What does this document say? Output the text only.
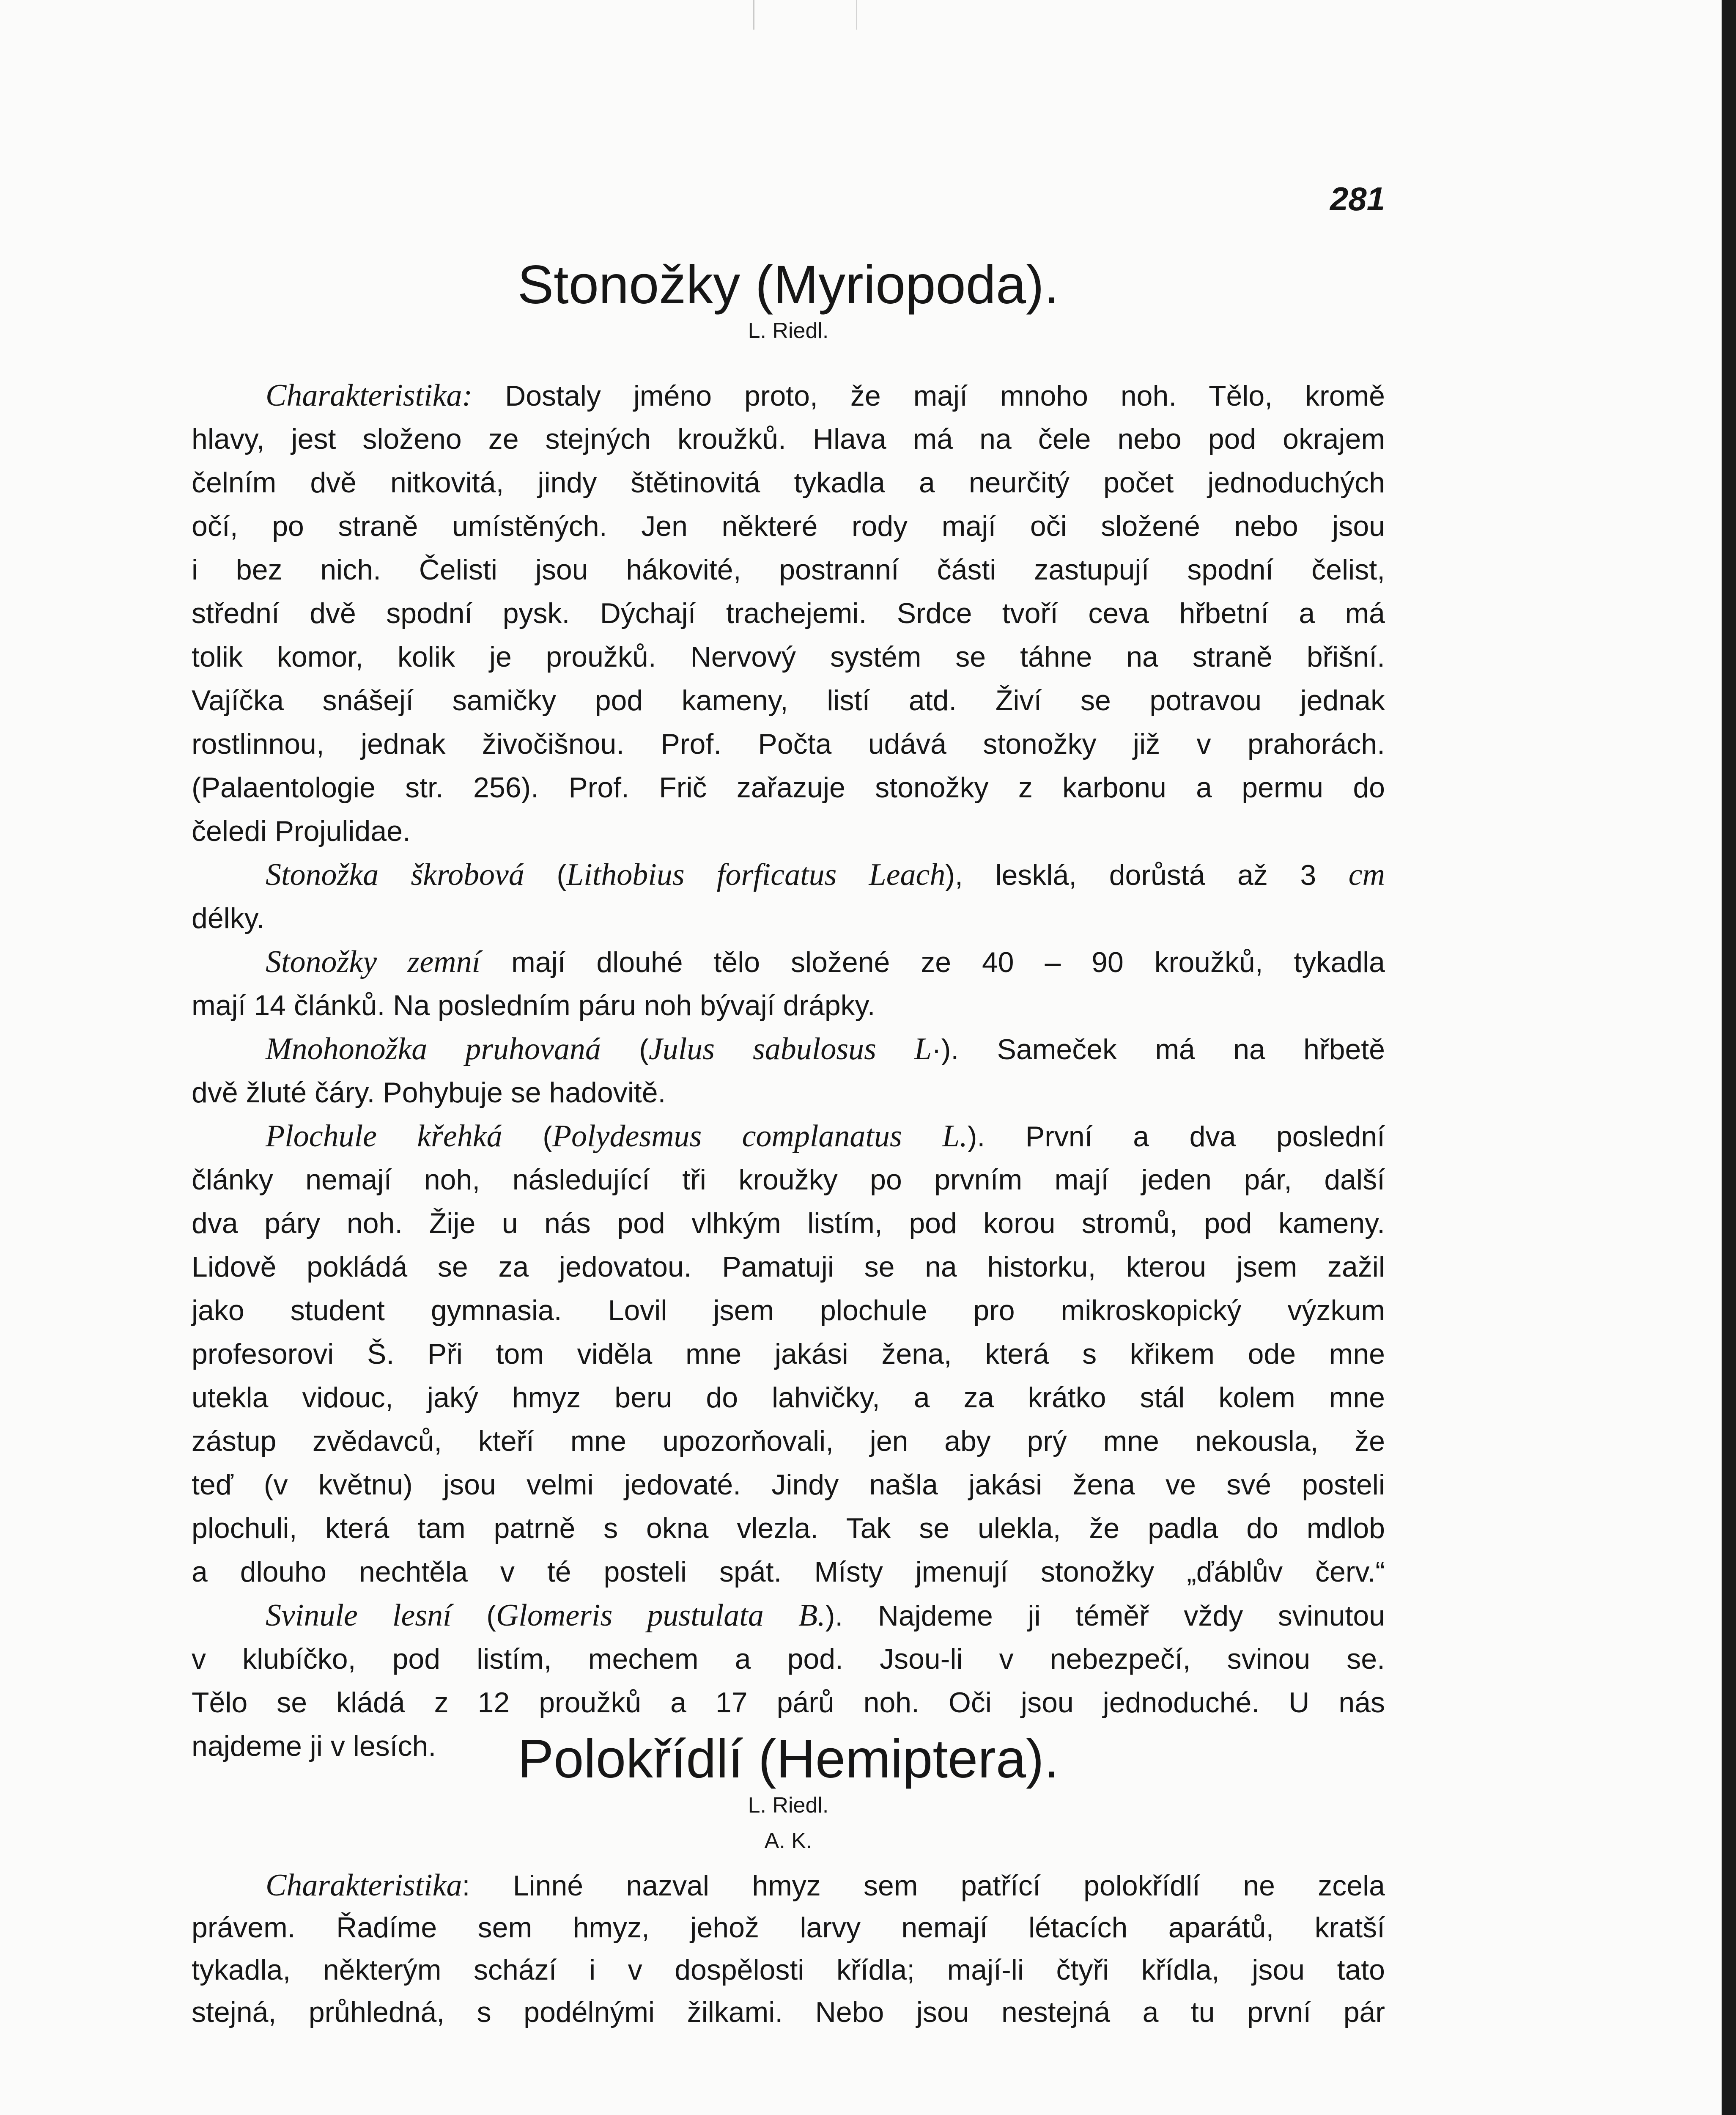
281
Stonožky (Myriopoda).
L. Riedl.
Charakteristika: Dostaly jméno proto, že mají mnoho noh. Tělo, kromě
hlavy, jest složeno ze stejných kroužků. Hlava má na čele nebo pod okrajem
čelním dvě nitkovitá, jindy štětinovitá tykadla a neurčitý počet jednoduchých
očí, po straně umístěných. Jen některé rody mají oči složené nebo jsou
i bez nich. Čelisti jsou hákovité, postranní části zastupují spodní čelist,
střední dvě spodní pysk. Dýchají trachejemi. Srdce tvoří ceva hřbetní a má
tolik komor, kolik je proužků. Nervový systém se táhne na straně břišní.
Vajíčka snášejí samičky pod kameny, listí atd. Živí se potravou jednak
rostlinnou, jednak živočišnou. Prof. Počta udává stonožky již v prahorách.
(Palaentologie str. 256). Prof. Frič zařazuje stonožky z karbonu a permu do
čeledi Projulidae.
Stonožka škrobová (Lithobius forficatus Leach), lesklá, dorůstá až 3 cm
délky.
Stonožky zemní mají dlouhé tělo složené ze 40 – 90 kroužků, tykadla
mají 14 článků. Na posledním páru noh bývají drápky.
Mnohonožka pruhovaná (Julus sabulosus L·). Sameček má na hřbetě
dvě žluté čáry. Pohybuje se hadovitě.
Plochule křehká (Polydesmus complanatus L.). První a dva poslední
články nemají noh, následující tři kroužky po prvním mají jeden pár, další
dva páry noh. Žije u nás pod vlhkým listím, pod korou stromů, pod kameny.
Lidově pokládá se za jedovatou. Pamatuji se na historku, kterou jsem zažil
jako student gymnasia. Lovil jsem plochule pro mikroskopický výzkum
profesorovi Š. Při tom viděla mne jakási žena, která s křikem ode mne
utekla vidouc, jaký hmyz beru do lahvičky, a za krátko stál kolem mne
zástup zvědavců, kteří mne upozorňovali, jen aby prý mne nekousla, že
teď (v květnu) jsou velmi jedovaté. Jindy našla jakási žena ve své posteli
plochuli, která tam patrně s okna vlezla. Tak se ulekla, že padla do mdlob
a dlouho nechtěla v té posteli spát. Místy jmenují stonožky „ďáblův červ.“
Svinule lesní (Glomeris pustulata B.). Najdeme ji téměř vždy svinutou
v klubíčko, pod listím, mechem a pod. Jsou-li v nebezpečí, svinou se.
Tělo se kládá z 12 proužků a 17 párů noh. Oči jsou jednoduché. U nás
najdeme ji v lesích.	Polokřídlí (Hemiptera).
L. Riedl.
A. K.
Charakteristika: Linné nazval hmyz sem patřící polokřídlí ne zcela
právem. Řadíme sem hmyz, jehož larvy nemají létacích aparátů, kratší
tykadla, některým schází i v dospělosti křídla; mají-li čtyři křídla, jsou tato
stejná, průhledná, s podélnými žilkami. Nebo jsou nestejná a tu první pár
